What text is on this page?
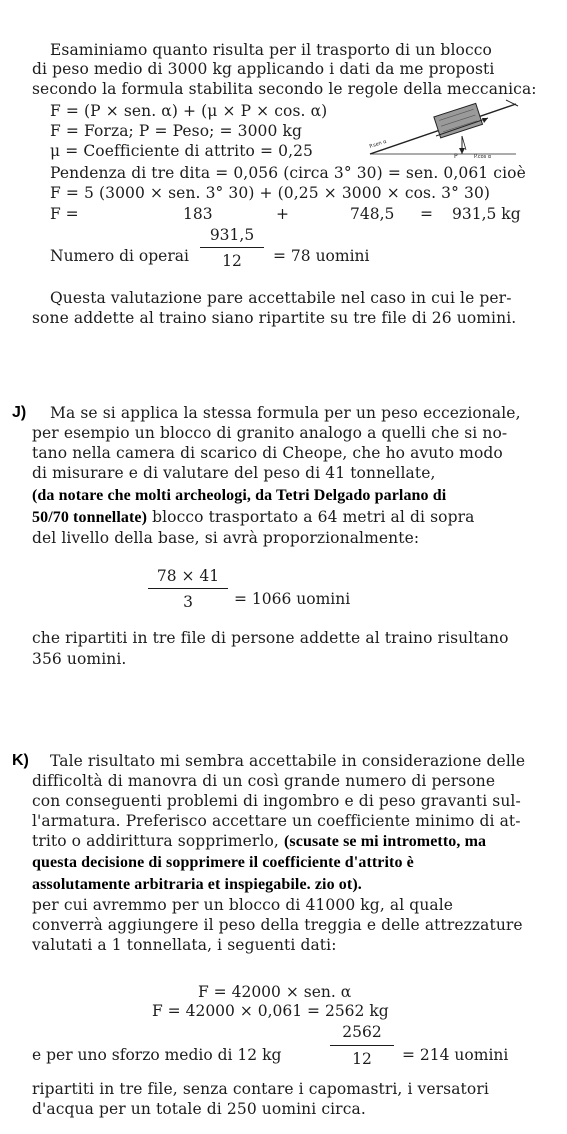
Esaminiamo quanto risulta per il trasporto di un blocco
di peso medio di 3000 kg applicando i dati da me proposti
secondo la formula stabilita secondo le regole della meccanica:
F = (P × sen. α) + (μ × P × cos. α)
F = Forza; P = Peso; = 3000 kg
μ = Coefficiente di attrito = 0,25
Pendenza di tre dita = 0,056 (circa 3° 30) = sen. 0,061 cioè
F = 5 (3000 × sen. 3° 30) + (0,25 × 3000 × cos. 3° 30)
F =	183	+	748,5 = 931,5 kg
Numero di operai $\frac{931,5}{12} = 78$ uomini
Questa valutazione pare accettabile nel caso in cui le per-
sone addette al traino siano ripartite su tre file di 26 uomini.
P.sen α
P	P.cos α
J) Ma se si applica la stessa formula per un peso eccezionale,
per esempio un blocco di granito analogo a quelli che si no-
tano nella camera di scarico di Cheope, che ho avuto modo
di misurare e di valutare del peso di 41 tonnellate,
(da notare che molti archeologi, da Tetri Delgado parlano di
50/70 tonnellate) blocco trasportato a 64 metri al di sopra
del livello della base, si avrà proporzionalmente:
$\frac{78 \times 41}{3} = 1066$ uomini
che ripartiti in tre file di persone addette al traino risultano
356 uomini.
K) Tale risultato mi sembra accettabile in considerazione delle
difficoltà di manovra di un così grande numero di persone
con conseguenti problemi di ingombro e di peso gravanti sul-
l'armatura. Preferisco accettare un coefficiente minimo di at-
trito o addirittura sopprimerlo, (scusate se mi intrometto, ma
questa decisione di sopprimere il coefficiente d'attrito è
assolutamente arbitraria et inspiegabile. zio ot).
per cui avremmo per un blocco di 41000 kg, al quale
converrà aggiungere il peso della treggia e delle attrezzature
valutati a 1 tonnellata, i seguenti dati:
F = 42000 × sen. α
F = 42000 × 0,061 = 2562 kg
e per uno sforzo medio di 12 kg	$\frac{2562}{12} = 214$ uomini
ripartiti in tre file, senza contare i capomastri, i versatori
d'acqua per un totale di 250 uomini circa.
